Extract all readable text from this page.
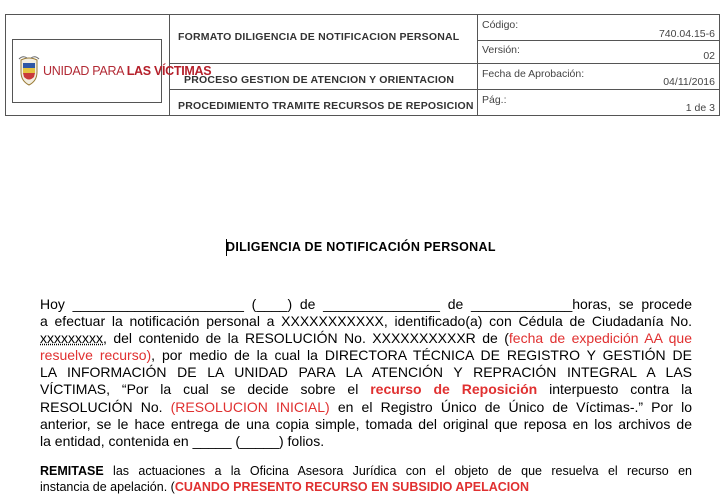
UNIDAD PARA LAS VÍCTIMAS
FORMATO DILIGENCIA DE NOTIFICACION PERSONAL
PROCESO GESTION DE ATENCION Y ORIENTACION
PROCEDIMIENTO TRAMITE RECURSOS DE REPOSICION
Código:
740.04.15-6
Versión:	02
Fecha de Aprobación:
04/11/2016
Pág.:
1 de 3
DILIGENCIA DE NOTIFICACIÓN PERSONAL
Hoy ______________________ (____) de _______________ de _____________horas, se procede
a efectuar la notificación personal a XXXXXXXXXXX, identificado(a) con Cédula de Ciudadanía No.
xxxxxxxxx, del contenido de la RESOLUCIÓN No. XXXXXXXXXXR de (fecha de expedición AA que
resuelve recurso), por medio de la cual la DIRECTORA TÉCNICA DE REGISTRO Y GESTIÓN DE
LA INFORMACIÓN DE LA UNIDAD PARA LA ATENCIÓN Y REPRACIÓN INTEGRAL A LAS
VÍCTIMAS, “Por la cual se decide sobre el recurso de Reposición interpuesto contra la
RESOLUCIÓN No. (RESOLUCION INICIAL) en el Registro Único de Único de Víctimas-.” Por lo
anterior, se le hace entrega de una copia simple, tomada del original que reposa en los archivos de
la entidad, contenida en _____ (_____) folios.
REMITASE las actuaciones a la Oficina Asesora Jurídica con el objeto de que resuelva el recurso en
instancia de apelación. (CUANDO PRESENTO RECURSO EN SUBSIDIO APELACION
